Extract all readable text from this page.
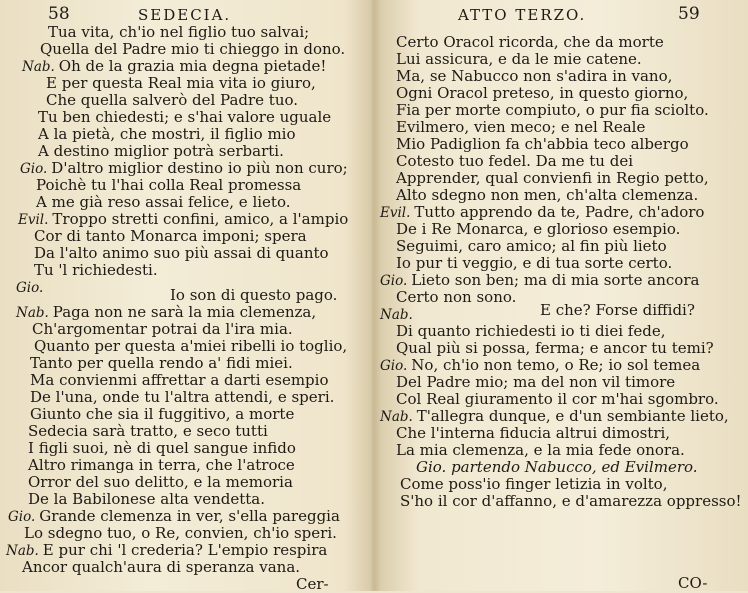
58	SEDECIA.
Tua vita, ch'io nel figlio tuo salvai;
Quella del Padre mio ti chieggo in dono.
Nab. Oh de la grazia mia degna pietade!
E per questa Real mia vita io giuro,
Che quella salverò del Padre tuo.
Tu ben chiedesti; e s'hai valore uguale
A la pietà, che mostri, il figlio mio
A destino miglior potrà serbarti.
Gio. D'altro miglior destino io più non curo;
Poichè tu l'hai colla Real promessa
A me già reso assai felice, e lieto.
Evil. Troppo stretti confini, amico, a l'ampio
Cor di tanto Monarca imponi; spera
Da l'alto animo suo più assai di quanto
Tu 'l richiedesti.
Gio.	Io son di questo pago.
Nab. Paga non ne sarà la mia clemenza,
Ch'argomentar potrai da l'ira mia.
Quanto per questa a'miei ribelli io toglio,
Tanto per quella rendo a' fidi miei.
Ma convienmi affrettar a darti esempio
De l'una, onde tu l'altra attendi, e speri.
Giunto che sia il fuggitivo, a morte
Sedecia sarà tratto, e seco tutti
I figli suoi, nè di quel sangue infido
Altro rimanga in terra, che l'atroce
Orror del suo delitto, e la memoria
De la Babilonese alta vendetta.
Gio. Grande clemenza in ver, s'ella pareggia
Lo sdegno tuo, o Re, convien, ch'io speri.
Nab. E pur chi 'l crederia? L'empio respira
Ancor qualch'aura di speranza vana.
Cer-
ATTO TERZO.	59
Certo Oracol ricorda, che da morte
Lui assicura, e da le mie catene.
Ma, se Nabucco non s'adira in vano,
Ogni Oracol preteso, in questo giorno,
Fia per morte compiuto, o pur fia sciolto.
Evilmero, vien meco; e nel Reale
Mio Padiglion fa ch'abbia teco albergo
Cotesto tuo fedel. Da me tu dei
Apprender, qual convienfi in Regio petto,
Alto sdegno non men, ch'alta clemenza.
Evil. Tutto apprendo da te, Padre, ch'adoro
De i Re Monarca, e glorioso esempio.
Seguimi, caro amico; al fin più lieto
Io pur ti veggio, e di tua sorte certo.
Gio. Lieto son ben; ma di mia sorte ancora
Certo non sono.
Nab.	E che? Forse diffidi?
Di quanto richiedesti io ti diei fede,
Qual più si possa, ferma; e ancor tu temi?
Gio. No, ch'io non temo, o Re; io sol temea
Del Padre mio; ma del non vil timore
Col Real giuramento il cor m'hai sgombro.
Nab. T'allegra dunque, e d'un sembiante lieto,
Che l'interna fiducia altrui dimostri,
La mia clemenza, e la mia fede onora.
Gio. partendo Nabucco, ed Evilmero.
Come poss'io finger letizia in volto,
S'ho il cor d'affanno, e d'amarezza oppresso!
CO-
